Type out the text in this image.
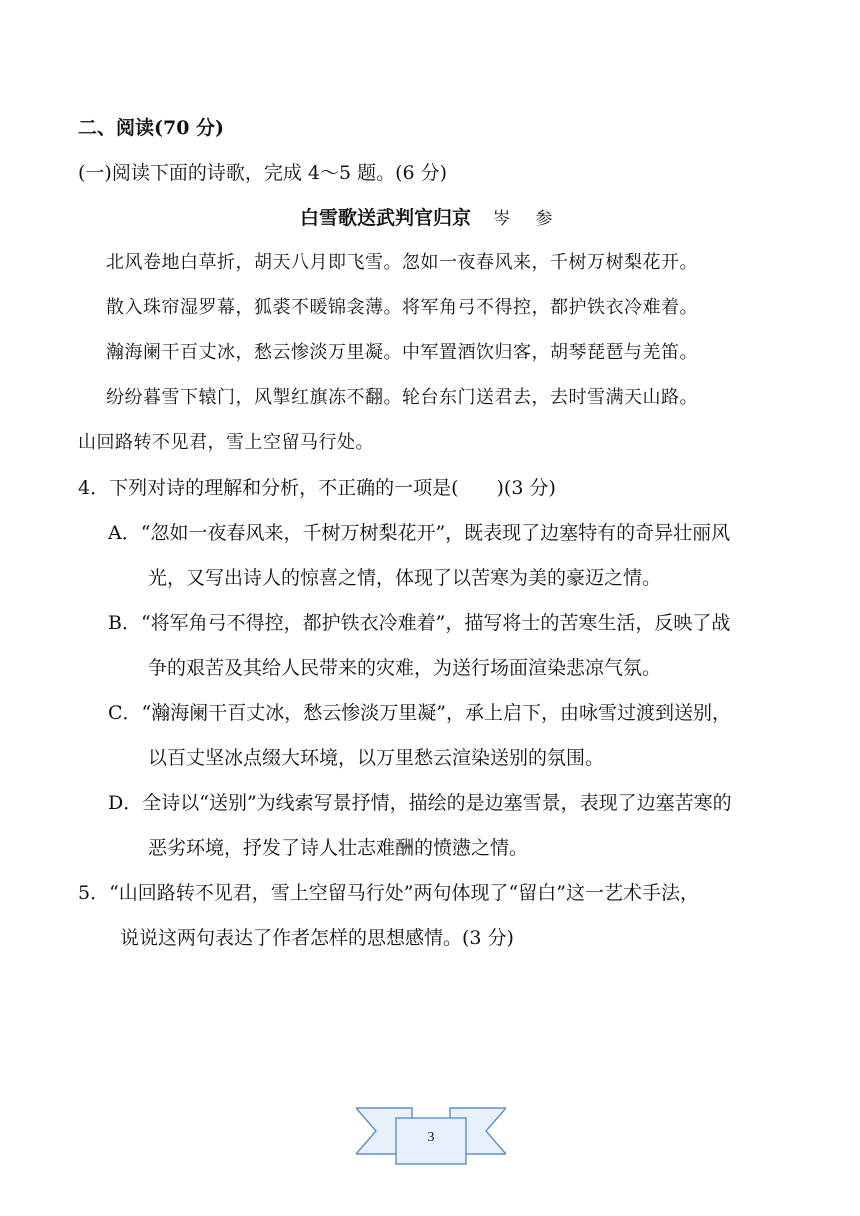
二、阅读(70 分)
(一)阅读下面的诗歌，完成 4～5 题。(6 分)
白雪歌送武判官归京 岑 参
北风卷地白草折，胡天八月即飞雪。忽如一夜春风来，千树万树梨花开。
散入珠帘湿罗幕，狐裘不暖锦衾薄。将军角弓不得控，都护铁衣冷难着。
瀚海阑干百丈冰，愁云惨淡万里凝。中军置酒饮归客，胡琴琵琶与羌笛。
纷纷暮雪下辕门，风掣红旗冻不翻。轮台东门送君去，去时雪满天山路。
山回路转不见君，雪上空留马行处。
4．下列对诗的理解和分析，不正确的一项是(　　)(3 分)
A．“忽如一夜春风来，千树万树梨花开”，既表现了边塞特有的奇异壮丽风
光，又写出诗人的惊喜之情，体现了以苦寒为美的豪迈之情。
B．“将军角弓不得控，都护铁衣冷难着”，描写将士的苦寒生活，反映了战
争的艰苦及其给人民带来的灾难，为送行场面渲染悲凉气氛。
C．“瀚海阑干百丈冰，愁云惨淡万里凝”，承上启下，由咏雪过渡到送别，
以百丈坚冰点缀大环境，以万里愁云渲染送别的氛围。
D．全诗以“送别”为线索写景抒情，描绘的是边塞雪景，表现了边塞苦寒的
恶劣环境，抒发了诗人壮志难酬的愤懑之情。
5．“山回路转不见君，雪上空留马行处”两句体现了“留白”这一艺术手法，
说说这两句表达了作者怎样的思想感情。(3 分)
3
